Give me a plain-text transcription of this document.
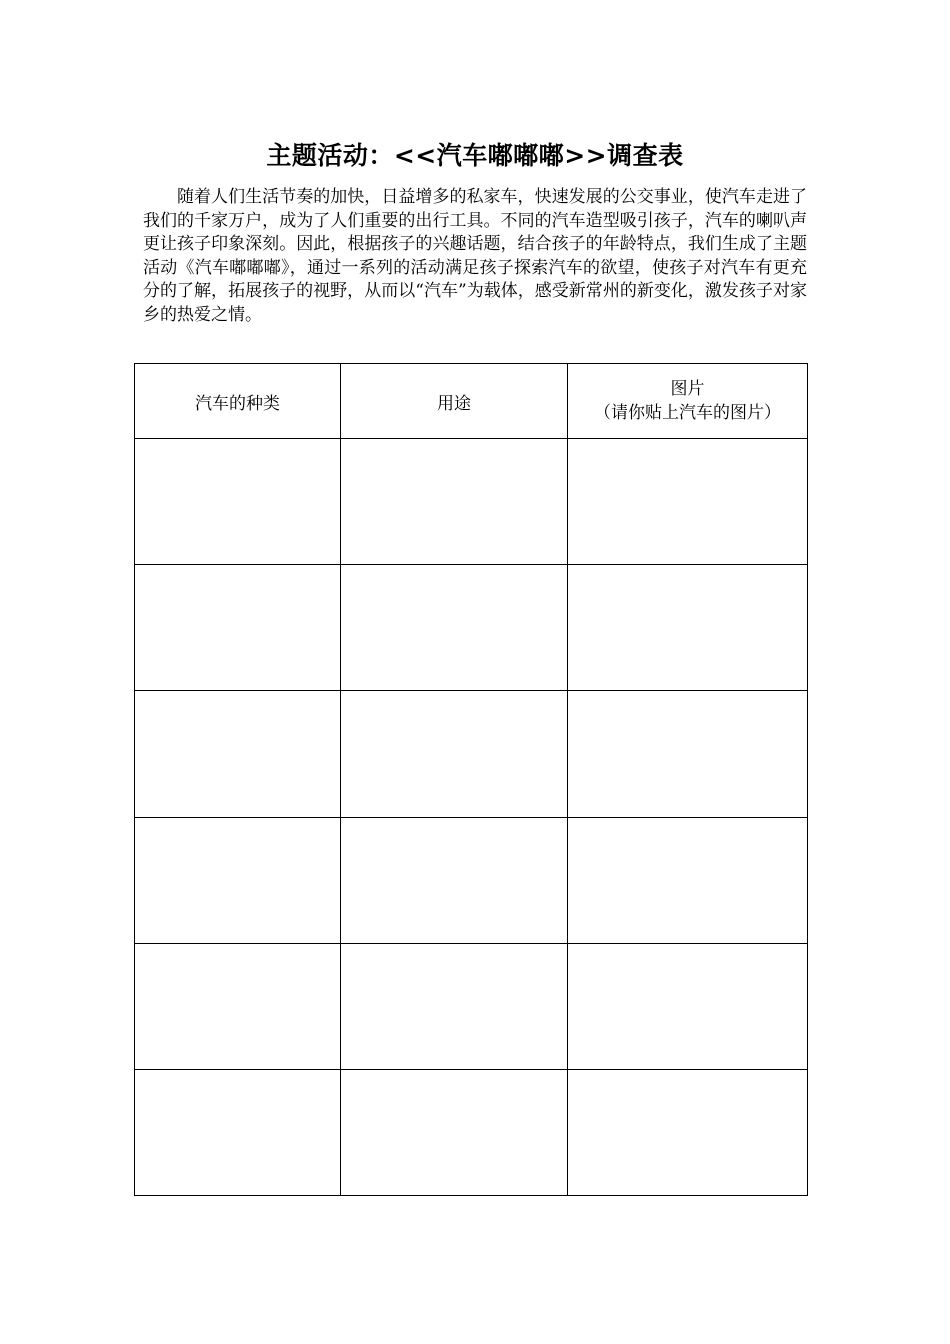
主题活动：<<汽车嘟嘟嘟>>调查表

随着人们生活节奏的加快，日益增多的私家车，快速发展的公交事业，使汽车走进了我们的千家万户，成为了人们重要的出行工具。不同的汽车造型吸引孩子，汽车的喇叭声更让孩子印象深刻。因此，根据孩子的兴趣话题，结合孩子的年龄特点，我们生成了主题活动《汽车嘟嘟嘟》，通过一系列的活动满足孩子探索汽车的欲望，使孩子对汽车有更充分的了解，拓展孩子的视野，从而以“汽车”为载体，感受新常州的新变化，激发孩子对家乡的热爱之情。

汽车的种类	用途	图片
（请你贴上汽车的图片）
